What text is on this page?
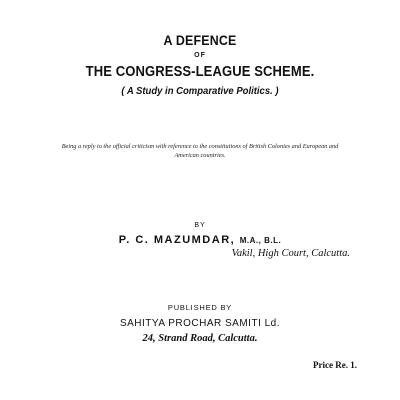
A DEFENCE
OF
THE CONGRESS-LEAGUE SCHEME.
( A Study in Comparative Politics. )
Being a reply to the official criticism with reference to the constitutions of British Colonies and European and American countries.
BY
P. C. MAZUMDAR, M.A., B.L.
Vakil, High Court, Calcutta.
PUBLISHED BY
SAHITYA PROCHAR SAMITI Ld.
24, Strand Road, Calcutta.
Price Re. 1.
